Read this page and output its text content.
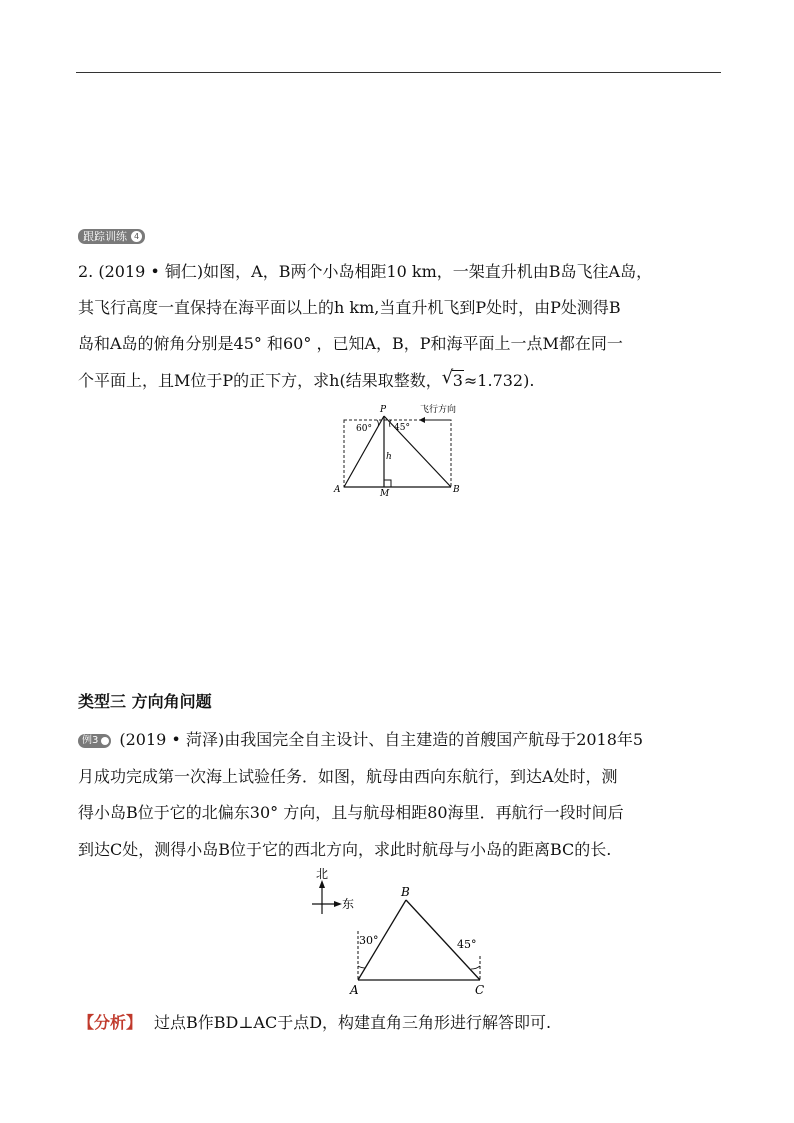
跟踪训练 4
2. (2019 • 铜仁)如图，A，B两个小岛相距10 km，一架直升机由B岛飞往A岛，
其飞行高度一直保持在海平面以上的h km,当直升机飞到P处时，由P处测得B
岛和A岛的俯角分别是45° 和60° ，已知A，B，P和海平面上一点M都在同一
个平面上，且M位于P的正下方，求h(结果取整数， √ 3≈1.732).
P	飞行方向
60° 45°
h
A	M	B
类型三 方向角问题
例3 (2019 • 菏泽)由我国完全自主设计、自主建造的首艘国产航母于2018年5
月成功完成第一次海上试验任务．如图，航母由西向东航行，到达A处时，测
得小岛B位于它的北偏东30° 方向，且与航母相距80海里．再航行一段时间后
到达C处，测得小岛B位于它的西北方向，求此时航母与小岛的距离BC的长.
北
东
B
30°	45°
A	C
【分析】 过点B作BD⊥AC于点D，构建直角三角形进行解答即可.
